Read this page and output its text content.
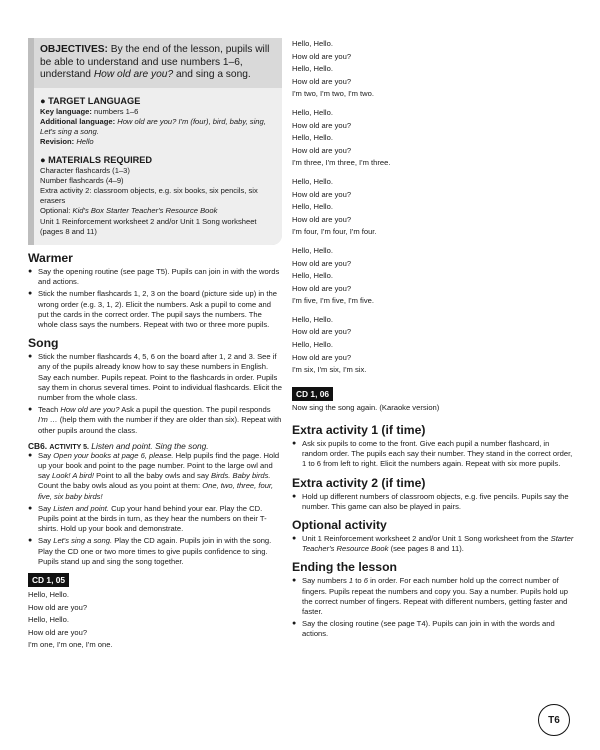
OBJECTIVES: By the end of the lesson, pupils will be able to understand and use numbers 1–6, understand How old are you? and sing a song.
● TARGET LANGUAGE
Key language: numbers 1–6
Additional language: How old are you? I'm (four), bird, baby, sing, Let's sing a song.
Revision: Hello
● MATERIALS REQUIRED
Character flashcards (1–3)
Number flashcards (4–9)
Extra activity 2: classroom objects, e.g. six books, six pencils, six erasers
Optional: Kid's Box Starter Teacher's Resource Book
Unit 1 Reinforcement worksheet 2 and/or Unit 1 Song worksheet (pages 8 and 11)
Warmer
● Say the opening routine (see page T5). Pupils can join in with the words and actions.
● Stick the number flashcards 1, 2, 3 on the board (picture side up) in the wrong order (e.g. 3, 1, 2). Elicit the numbers. Ask a pupil to come and put the cards in the correct order. The pupil says the numbers. The whole class says the numbers. Repeat with two or three more pupils.
Song
● Stick the number flashcards 4, 5, 6 on the board after 1, 2 and 3. See if any of the pupils already know how to say these numbers in English. Say each number. Pupils repeat. Point to the flashcards in order. Pupils say them in chorus several times. Point to individual flashcards. Elicit the number from the whole class.
● Teach How old are you? Ask a pupil the question. The pupil responds I'm … (help them with the number if they are older than six). Repeat with other pupils around the class.
CB6. ACTIVITY 5. Listen and point. Sing the song.
● Say Open your books at page 6, please. Help pupils find the page. Hold up your book and point to the page number. Point to the large owl and say Look! A bird! Point to all the baby owls and say Birds. Baby birds. Count the baby owls aloud as you point at them: One, two, three, four, five, six baby birds!
● Say Listen and point. Cup your hand behind your ear. Play the CD. Pupils point at the birds in turn, as they hear the numbers on their T-shirts. Hold up your book and demonstrate.
● Say Let's sing a song. Play the CD again. Pupils join in with the song. Play the CD one or two more times to give pupils confidence to sing. Pupils stand up and sing the song together.
CD 1, 05

Hello, Hello.

How old are you?

Hello, Hello.

How old are you?

I'm one, I'm one, I'm one.

Hello, Hello.

How old are you?

Hello, Hello.

How old are you?

I'm two, I'm two, I'm two.

Hello, Hello.

How old are you?

Hello, Hello.

How old are you?

I'm three, I'm three, I'm three.

Hello, Hello.

How old are you?

Hello, Hello.

How old are you?

I'm four, I'm four, I'm four.

Hello, Hello.

How old are you?

Hello, Hello.

How old are you?

I'm five, I'm five, I'm five.

Hello, Hello.

How old are you?

Hello, Hello.

How old are you?

I'm six, I'm six, I'm six.

CD 1, 06
Now sing the song again. (Karaoke version)
Extra activity 1 (if time)
● Ask six pupils to come to the front. Give each pupil a number flashcard, in random order. The pupils each say their number. They stand in the correct order, 1 to 6 from left to right. Elicit the numbers again. Repeat with six more pupils.
Extra activity 2 (if time)
● Hold up different numbers of classroom objects, e.g. five pencils. Pupils say the number. This game can also be played in pairs.
Optional activity
● Unit 1 Reinforcement worksheet 2 and/or Unit 1 Song worksheet from the Starter Teacher's Resource Book (see pages 8 and 11).
Ending the lesson
● Say numbers 1 to 6 in order. For each number hold up the correct number of fingers. Pupils repeat the numbers and copy you. Say a number. Pupils hold up the correct number of fingers. Repeat with different numbers, getting faster and faster.
● Say the closing routine (see page T4). Pupils can join in with the words and actions.
T6
